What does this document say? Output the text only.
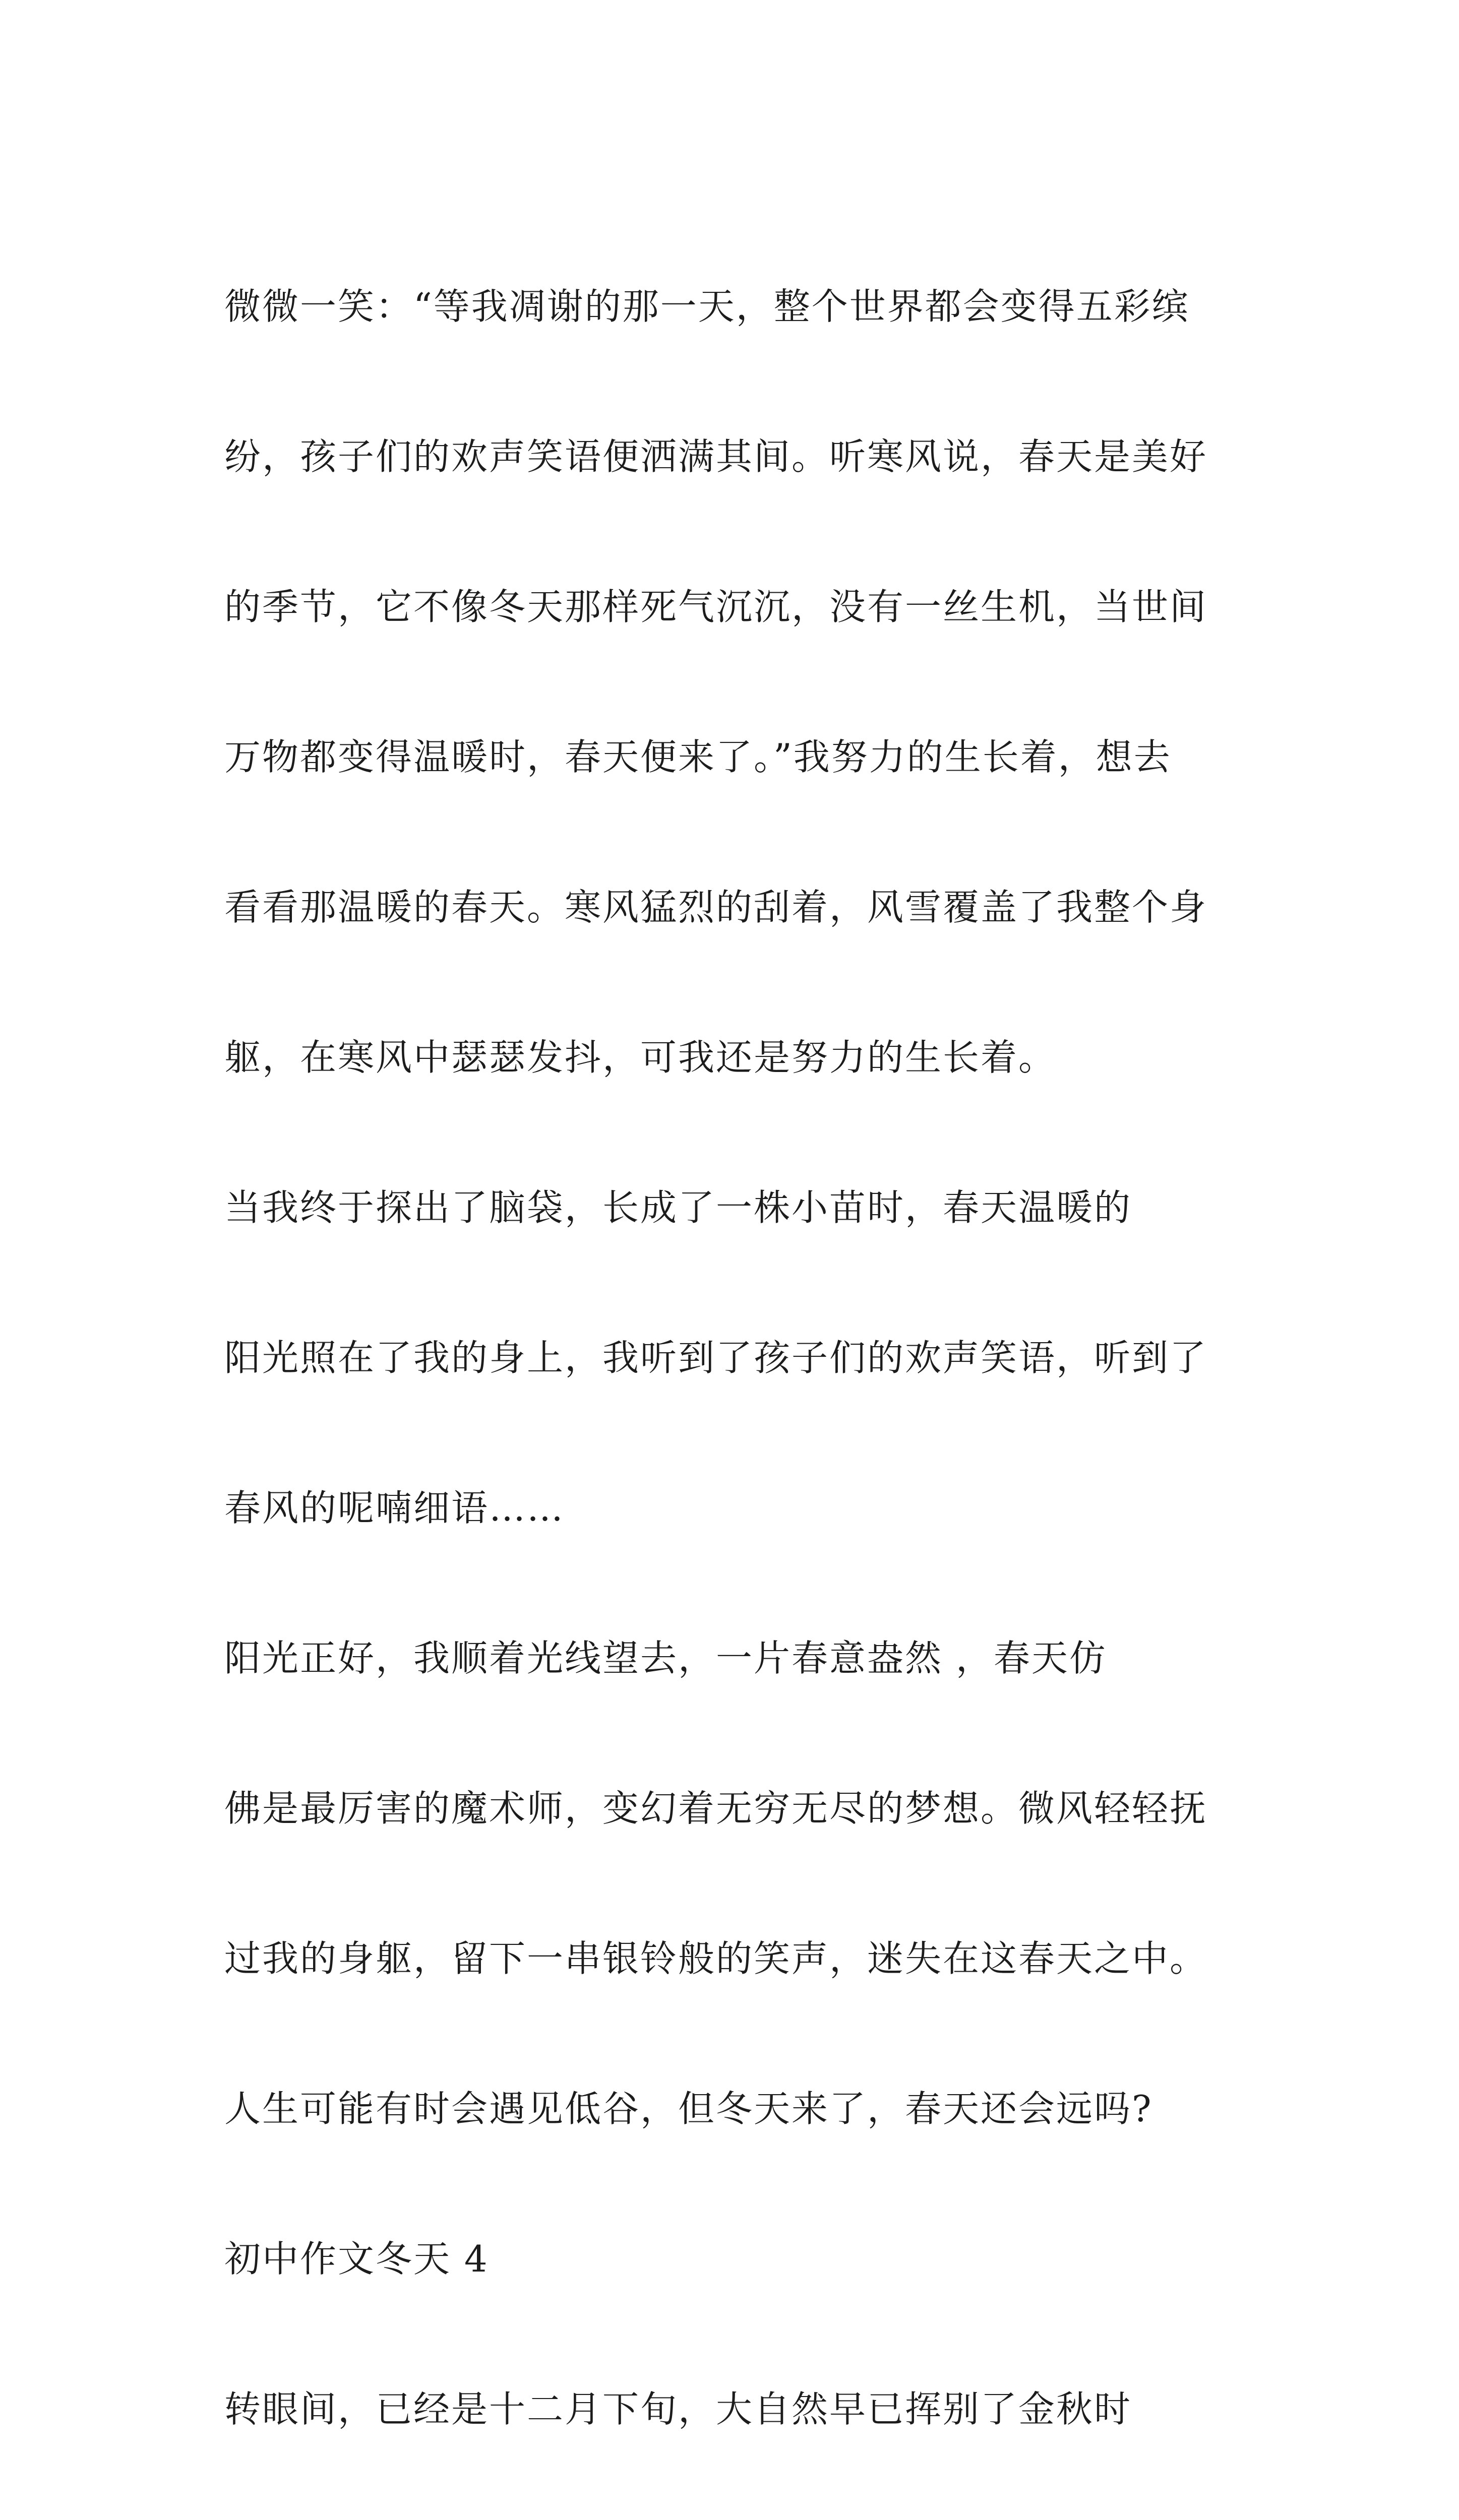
微微一笑：“等我凋谢的那一天，整个世界都会变得五彩缤

纷，孩子们的欢声笑语便洒满其间。听寒风说，春天是美好

的季节，它不像冬天那样死气沉沉，没有一丝生机，当世间

万物都变得温暖时，春天便来了。”我努力的生长着，想去

看看那温暖的春天。寒风猛烈的刮着，风雪覆盖了我整个身

躯，在寒风中瑟瑟发抖，可我还是努力的生长着。

当我终于探出了脑袋，长成了一株小苗时，春天温暖的

阳光照在了我的身上，我听到了孩子们的欢声笑语，听到了

春风的呢喃细语……

阳光正好，我顺着光线望去，一片春意盎然 ，春天仿

佛是最厉害的魔术师，变幻着无穷无尽的梦想。微风轻轻抚

过我的身躯，留下一串银铃般的笑声，迷失在这春天之中。

人生可能有时会遇见低谷，但冬天来了，春天还会远吗?

初中作文冬天 4

转眼间，已经是十二月下旬，大自然早已挥别了金秋时
